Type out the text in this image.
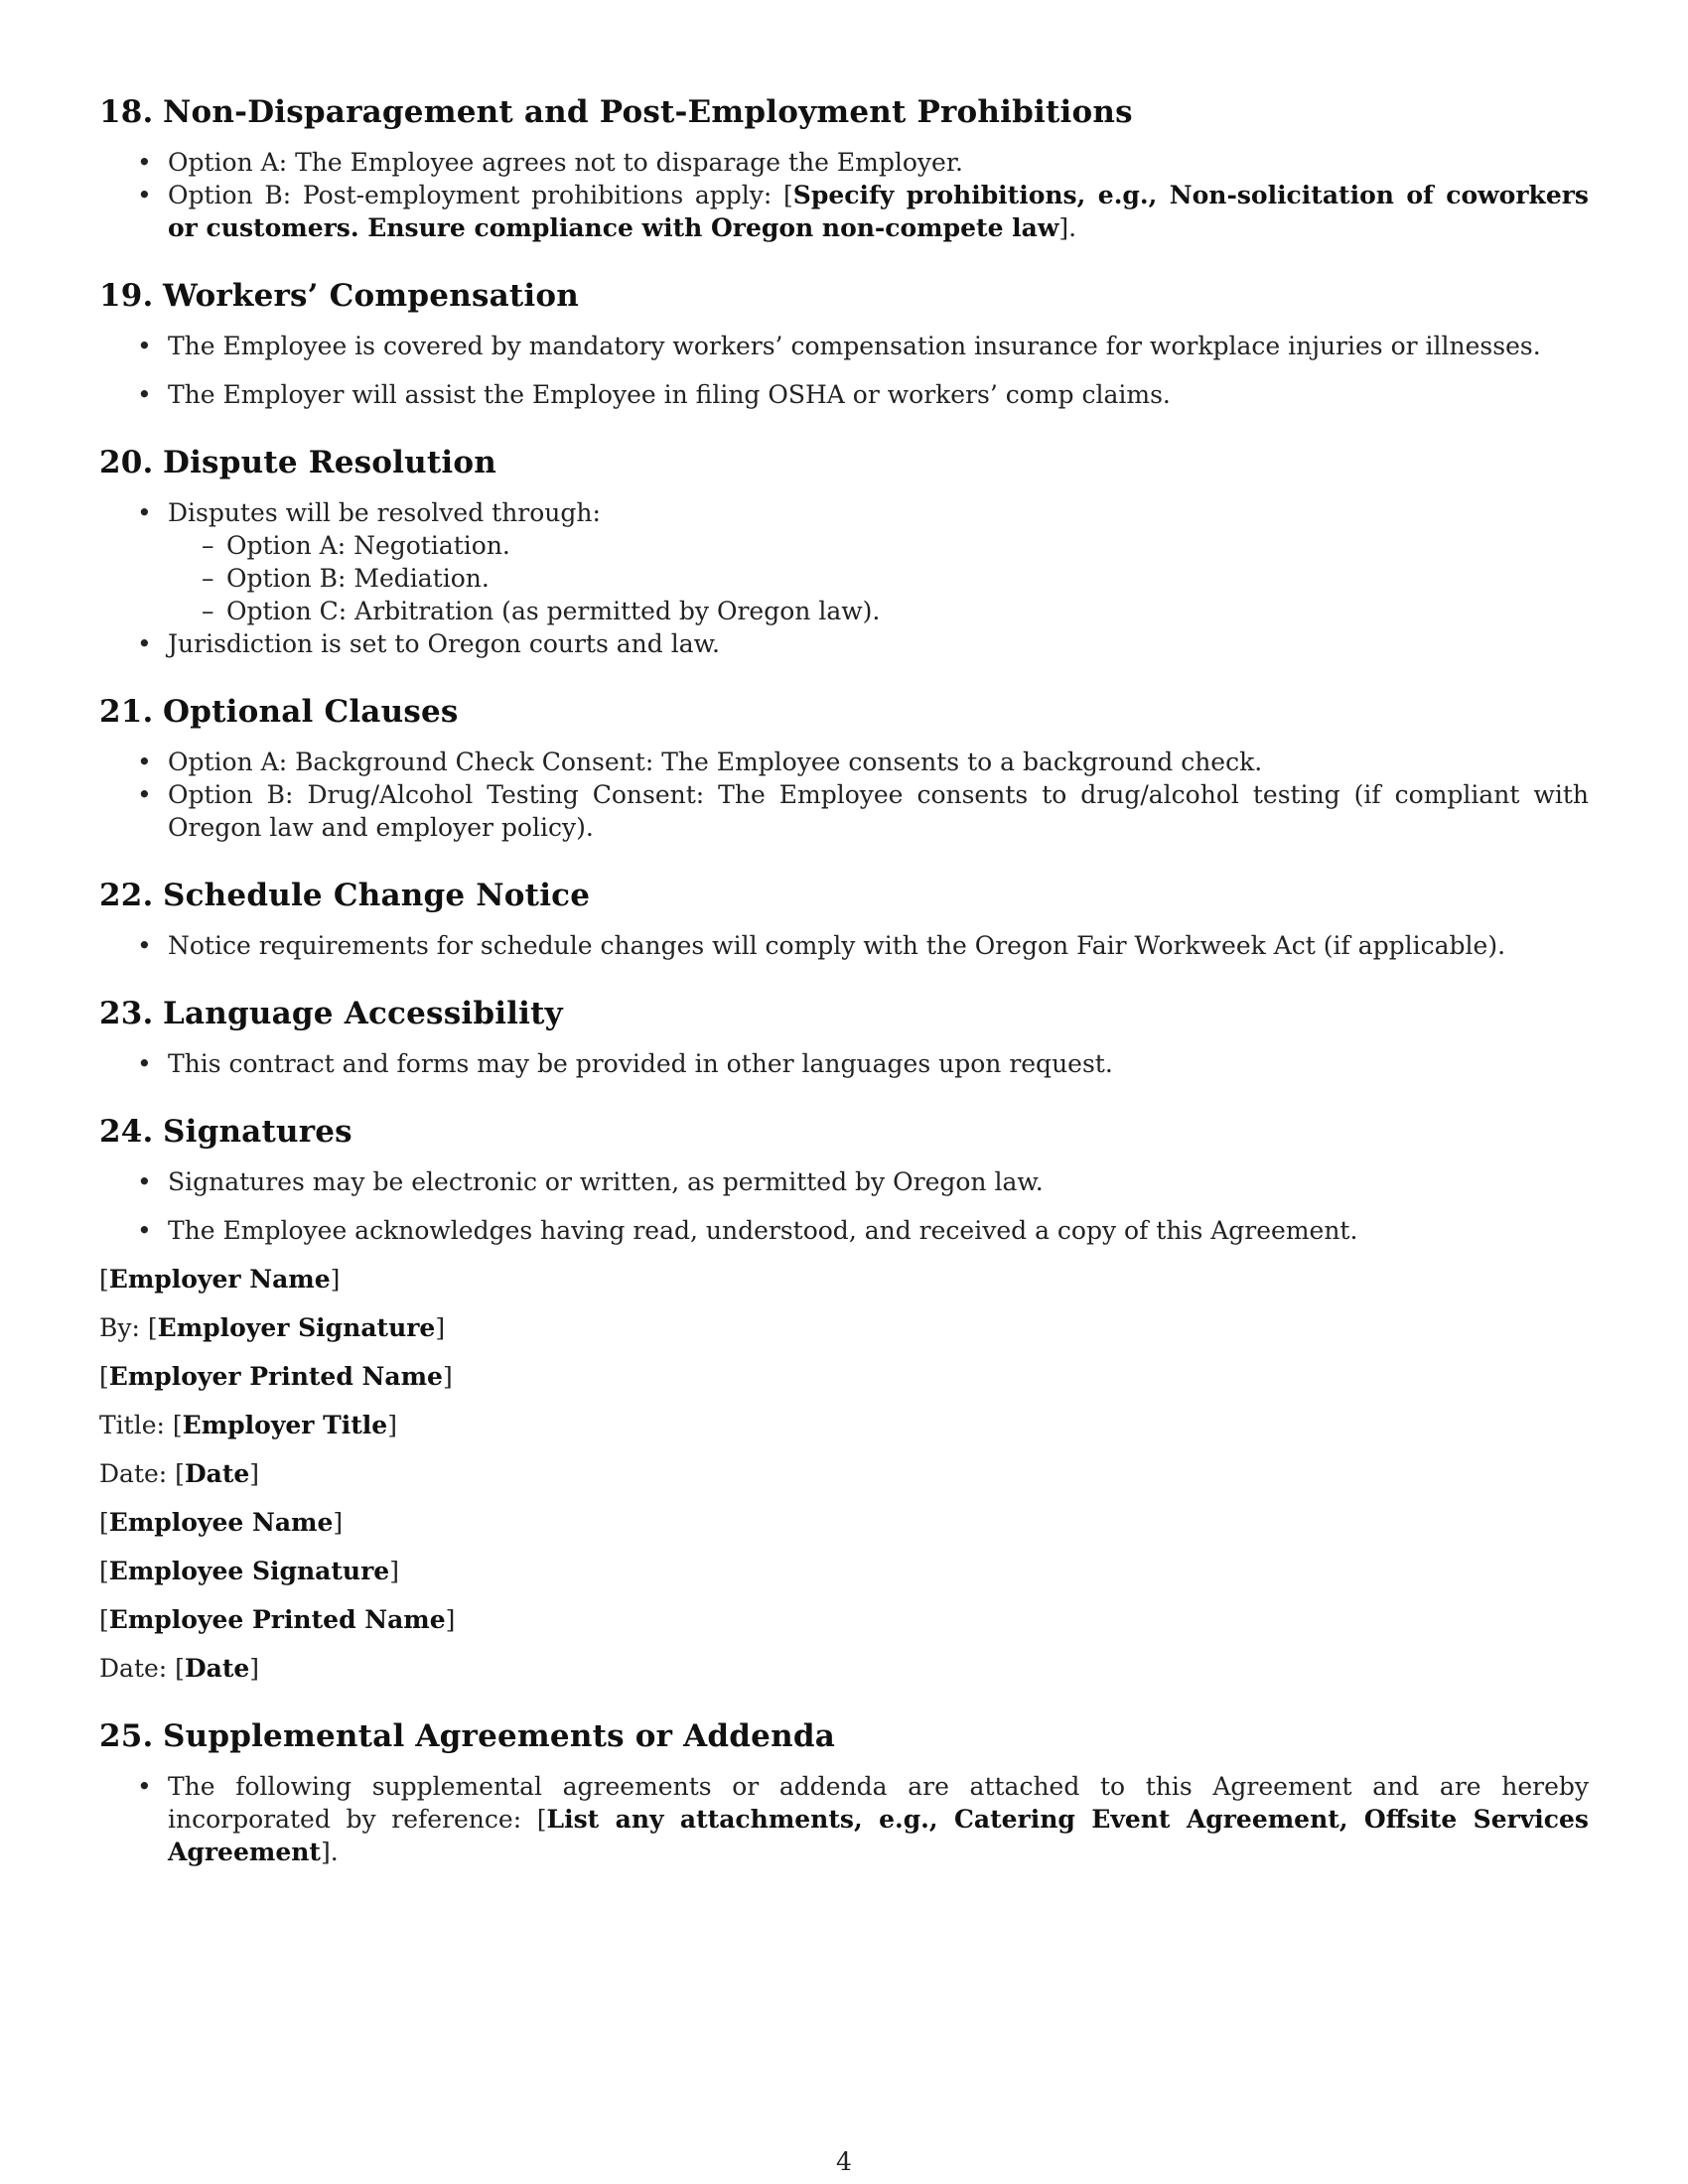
18. Non-Disparagement and Post-Employment Prohibitions
• Option A: The Employee agrees not to disparage the Employer.
• Option B: Post-employment prohibitions apply: [Specify prohibitions, e.g., Non-solicitation of coworkers or customers. Ensure compliance with Oregon non-compete law].
19. Workers’ Compensation
• The Employee is covered by mandatory workers’ compensation insurance for workplace injuries or illnesses.
• The Employer will assist the Employee in filing OSHA or workers’ comp claims.
20. Dispute Resolution
• Disputes will be resolved through:
– Option A: Negotiation.
– Option B: Mediation.
– Option C: Arbitration (as permitted by Oregon law).
• Jurisdiction is set to Oregon courts and law.
21. Optional Clauses
• Option A: Background Check Consent: The Employee consents to a background check.
• Option B: Drug/Alcohol Testing Consent: The Employee consents to drug/alcohol testing (if compliant with Oregon law and employer policy).
22. Schedule Change Notice
• Notice requirements for schedule changes will comply with the Oregon Fair Workweek Act (if applicable).
23. Language Accessibility
• This contract and forms may be provided in other languages upon request.
24. Signatures
• Signatures may be electronic or written, as permitted by Oregon law.
• The Employee acknowledges having read, understood, and received a copy of this Agreement.
[Employer Name]
By: [Employer Signature]
[Employer Printed Name]
Title: [Employer Title]
Date: [Date]
[Employee Name]
[Employee Signature]
[Employee Printed Name]
Date: [Date]
25. Supplemental Agreements or Addenda
• The following supplemental agreements or addenda are attached to this Agreement and are hereby incorporated by reference: [List any attachments, e.g., Catering Event Agreement, Offsite Services Agreement].
4
